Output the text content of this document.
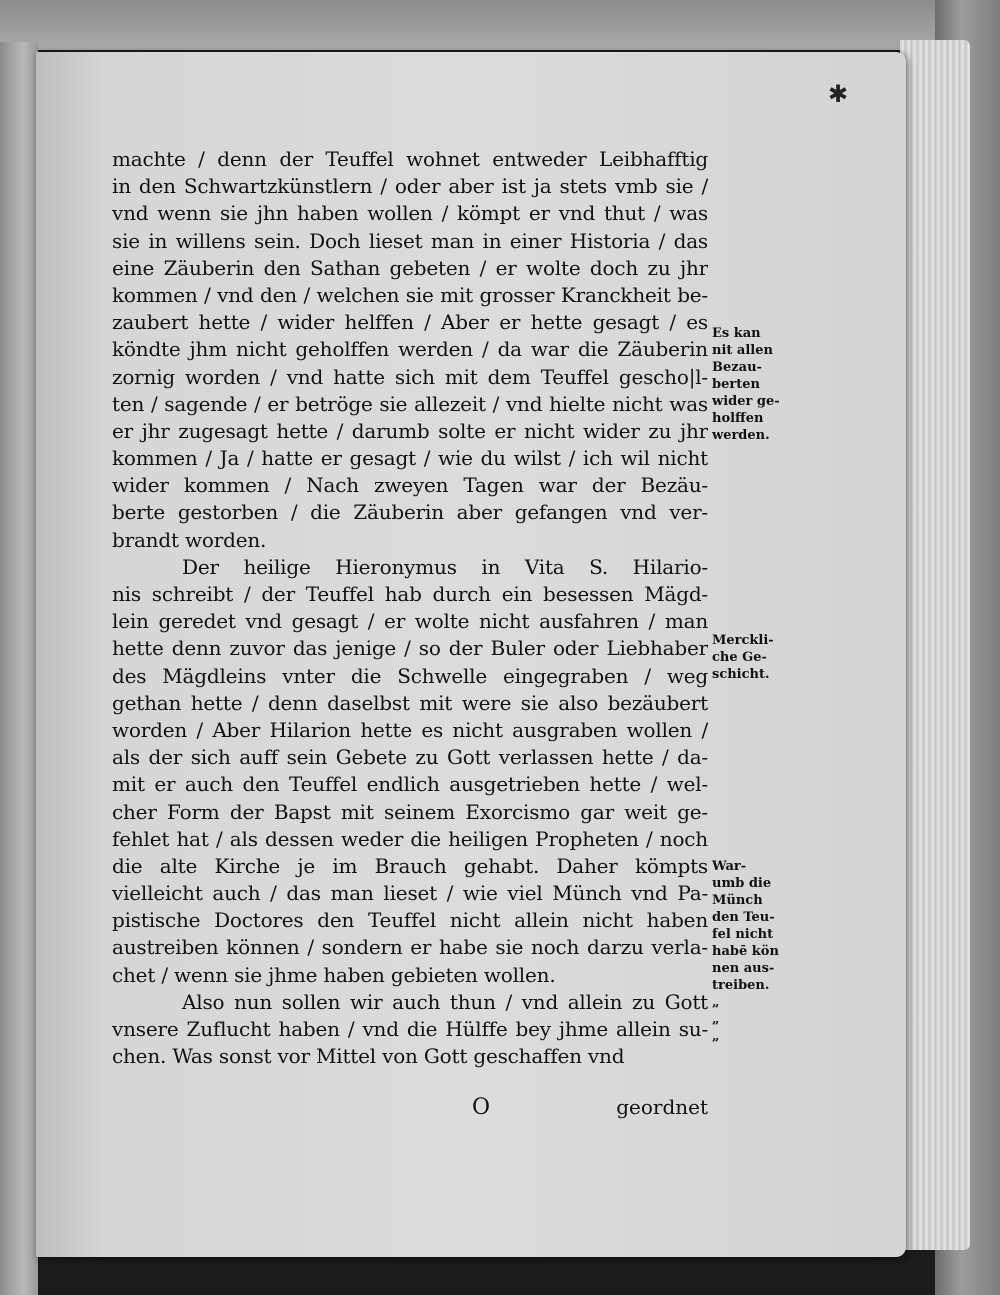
✱
machte / denn der Teuffel wohnet entweder Leibhafftig
in den Schwartzkünstlern / oder aber ist ja stets vmb sie /
vnd wenn sie jhn haben wollen / kömpt er vnd thut / was
sie in willens sein. Doch lieset man in einer Historia / das
eine Zäuberin den Sathan gebeten / er wolte doch zu jhr
kommen / vnd den / welchen sie mit grosser Kranckheit be-
zaubert hette / wider helffen / Aber er hette gesagt / es
köndte jhm nicht geholffen werden / da war die Zäuberin
zornig worden / vnd hatte sich mit dem Teuffel gescho|l-
ten / sagende / er betröge sie allezeit / vnd hielte nicht was
er jhr zugesagt hette / darumb solte er nicht wider zu jhr
kommen / Ja / hatte er gesagt / wie du wilst / ich wil nicht
wider kommen / Nach zweyen Tagen war der Bezäu-
berte gestorben / die Zäuberin aber gefangen vnd ver-
brandt worden.
Der heilige Hieronymus in Vita S. Hilario-
nis schreibt / der Teuffel hab durch ein besessen Mägd-
lein geredet vnd gesagt / er wolte nicht ausfahren / man
hette denn zuvor das jenige / so der Buler oder Liebhaber
des Mägdleins vnter die Schwelle eingegraben / weg
gethan hette / denn daselbst mit were sie also bezäubert
worden / Aber Hilarion hette es nicht ausgraben wollen /
als der sich auff sein Gebete zu Gott verlassen hette / da-
mit er auch den Teuffel endlich ausgetrieben hette / wel-
cher Form der Bapst mit seinem Exorcismo gar weit ge-
fehlet hat / als dessen weder die heiligen Propheten / noch
die alte Kirche je im Brauch gehabt. Daher kömpts
vielleicht auch / das man lieset / wie viel Münch vnd Pa-
pistische Doctores den Teuffel nicht allein nicht haben
austreiben können / sondern er habe sie noch darzu verla-
chet / wenn sie jhme haben gebieten wollen.
Also nun sollen wir auch thun / vnd allein zu Gott
vnsere Zuflucht haben / vnd die Hülffe bey jhme allein su-
chen. Was sonst vor Mittel von Gott geschaffen vnd
Es kan
nit allen
Bezau-
berten
wider ge-
holffen
werden.
Merckli-
che Ge-
schicht.
War-
umb die
Münch
den Teu-
fel nicht
habē kön
nen aus-
treiben.
„
„
„
O	geordnet
